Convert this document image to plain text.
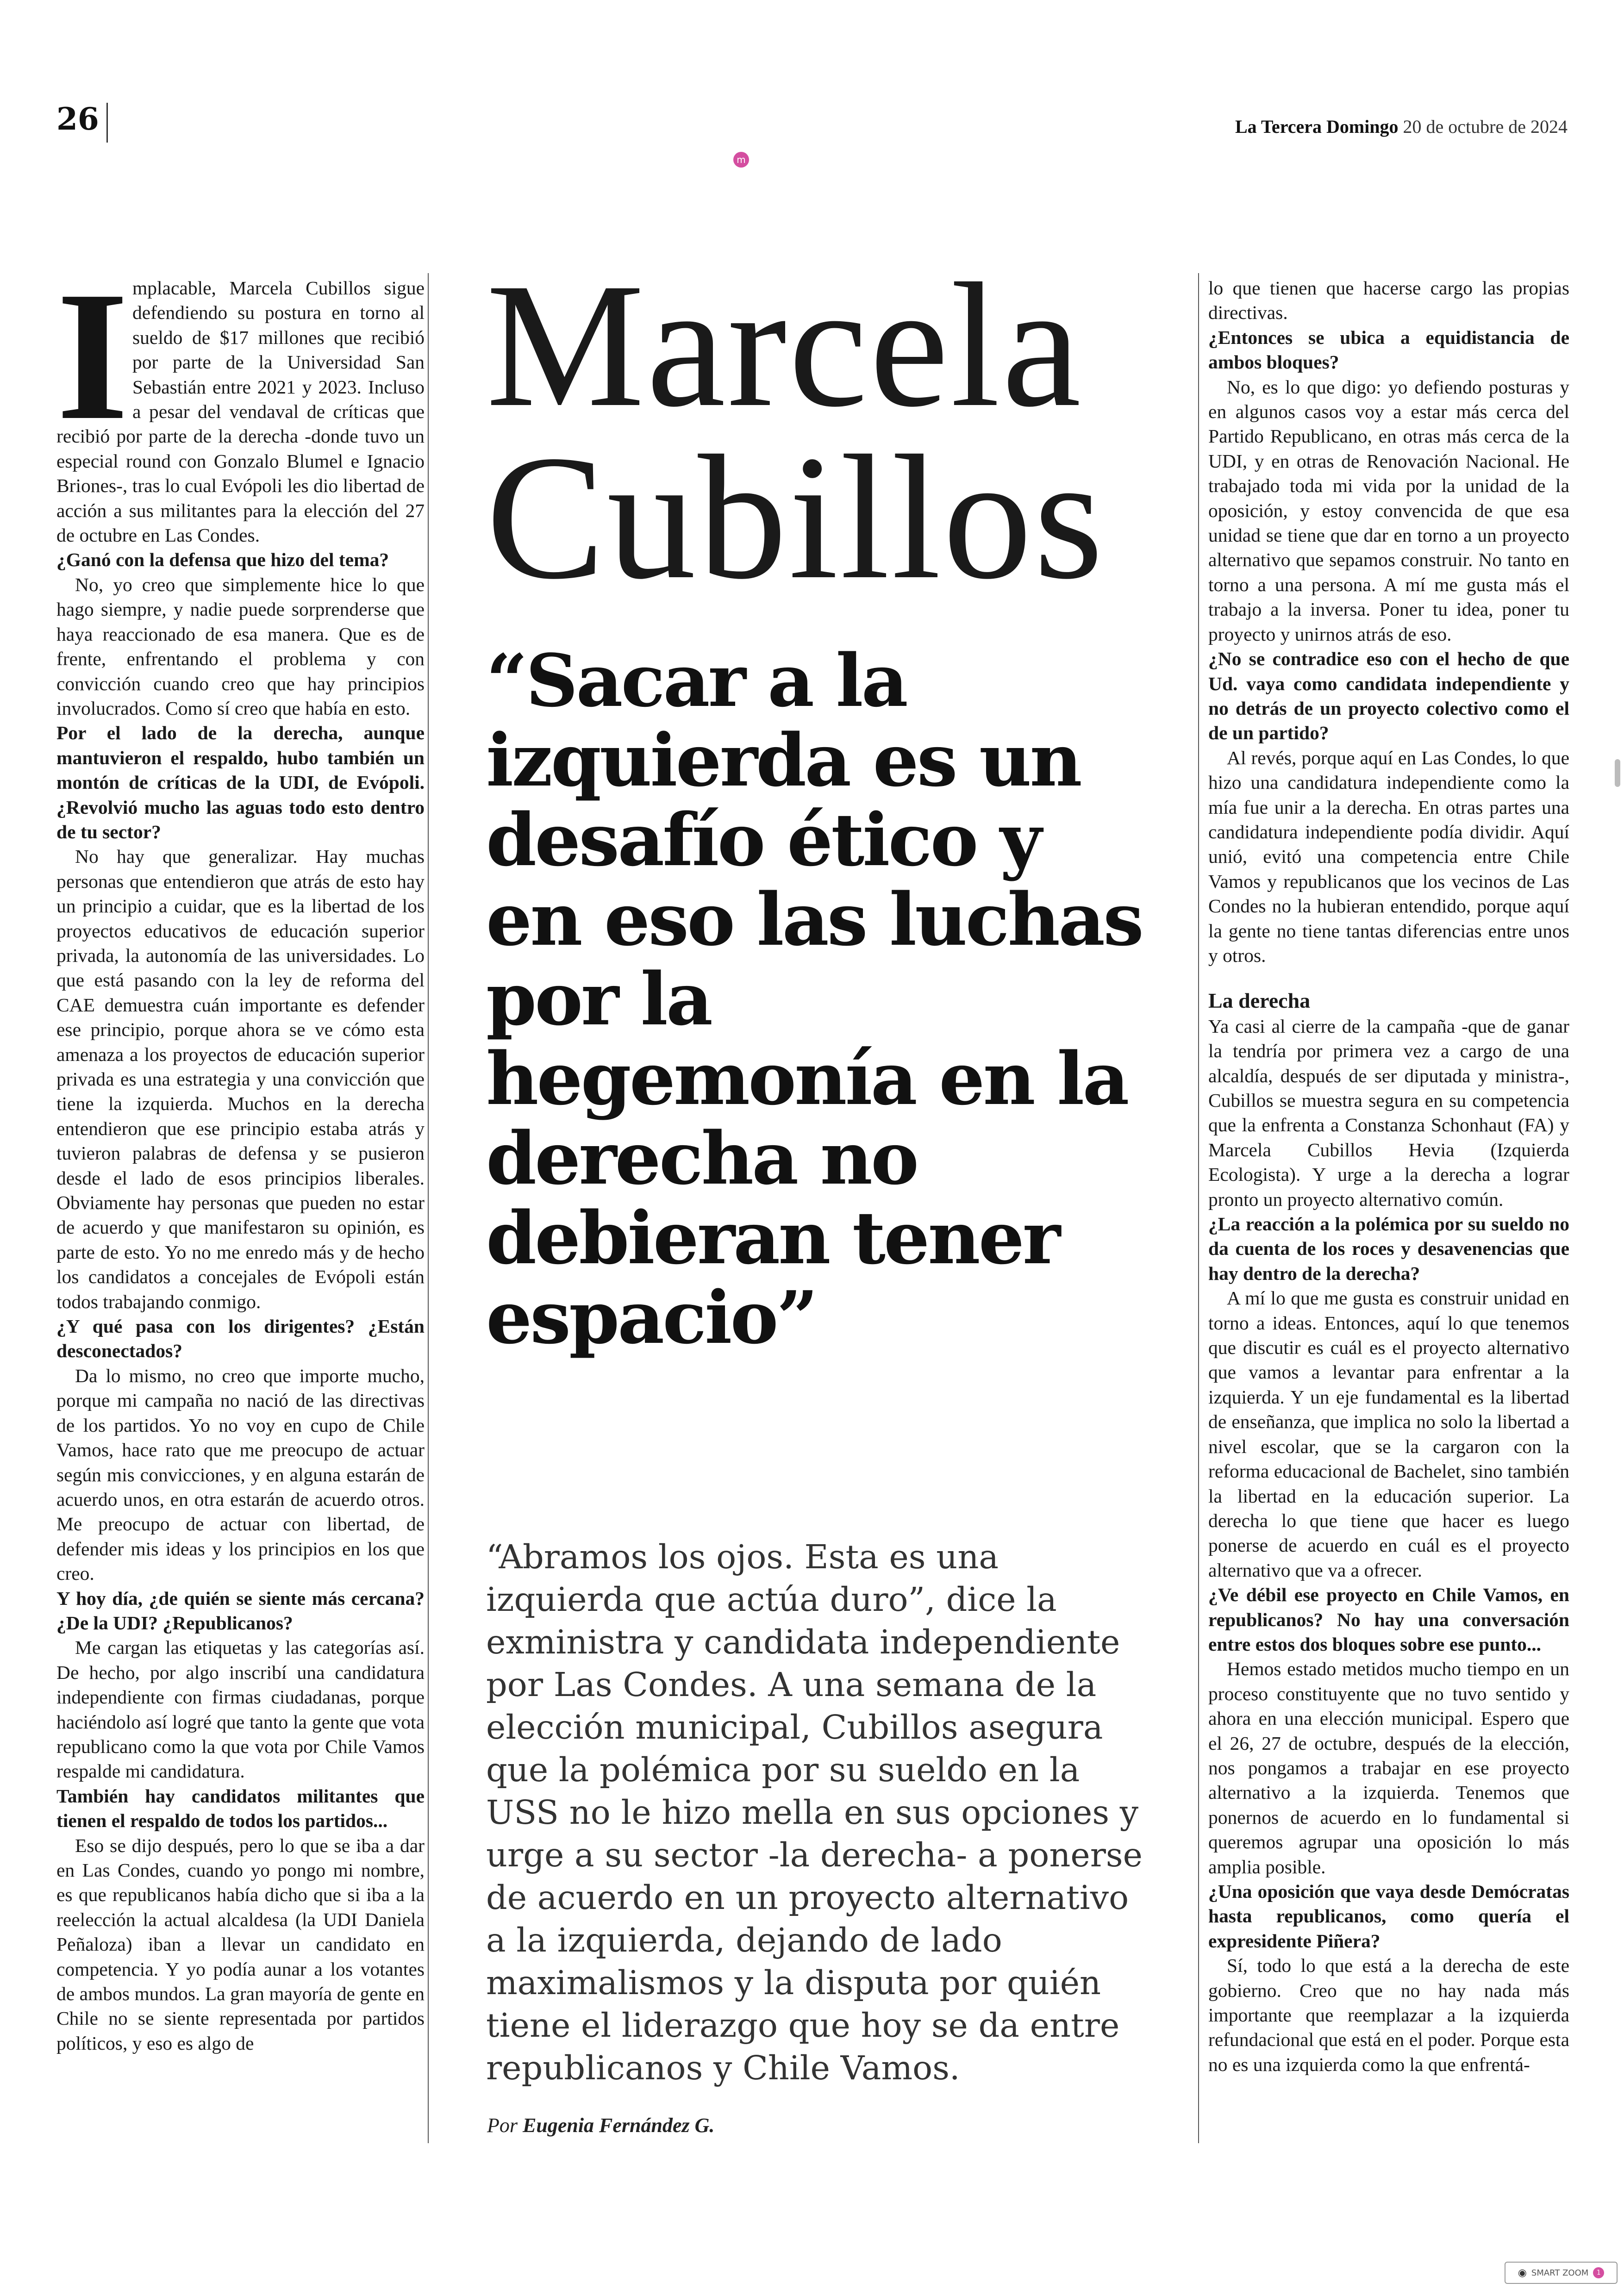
26	La Tercera Domingo 20 de octubre de 2024
m

Implacable, Marcela Cubillos sigue defendiendo su postura en torno al sueldo de $17 millones que recibió por parte de la Universidad San Sebastián entre 2021 y 2023. Incluso a pesar del vendaval de críticas que recibió por parte de la derecha -donde tuvo un especial round con Gonzalo Blumel e Ignacio Briones-, tras lo cual Evópoli les dio libertad de acción a sus militantes para la elección del 27 de octubre en Las Condes.

¿Ganó con la defensa que hizo del tema?

No, yo creo que simplemente hice lo que hago siempre, y nadie puede sorprenderse que haya reaccionado de esa manera. Que es de frente, enfrentando el problema y con convicción cuando creo que hay principios involucrados. Como sí creo que había en esto.

Por el lado de la derecha, aunque mantuvieron el respaldo, hubo también un montón de críticas de la UDI, de Evópoli. ¿Revolvió mucho las aguas todo esto dentro de tu sector?

No hay que generalizar. Hay muchas personas que entendieron que atrás de esto hay un principio a cuidar, que es la libertad de los proyectos educativos de educación superior privada, la autonomía de las universidades. Lo que está pasando con la ley de reforma del CAE demuestra cuán importante es defender ese principio, porque ahora se ve cómo esta amenaza a los proyectos de educación superior privada es una estrategia y una convicción que tiene la izquierda. Muchos en la derecha entendieron que ese principio estaba atrás y tuvieron palabras de defensa y se pusieron desde el lado de esos principios liberales. Obviamente hay personas que pueden no estar de acuerdo y que manifestaron su opinión, es parte de esto. Yo no me enredo más y de hecho los candidatos a concejales de Evópoli están todos trabajando conmigo.

¿Y qué pasa con los dirigentes? ¿Están desconectados?

Da lo mismo, no creo que importe mucho, porque mi campaña no nació de las directivas de los partidos. Yo no voy en cupo de Chile Vamos, hace rato que me preocupo de actuar según mis convicciones, y en alguna estarán de acuerdo unos, en otra estarán de acuerdo otros. Me preocupo de actuar con libertad, de defender mis ideas y los principios en los que creo.

Y hoy día, ¿de quién se siente más cercana? ¿De la UDI? ¿Republicanos?

Me cargan las etiquetas y las categorías así. De hecho, por algo inscribí una candidatura independiente con firmas ciudadanas, porque haciéndolo así logré que tanto la gente que vota republicano como la que vota por Chile Vamos respalde mi candidatura.

También hay candidatos militantes que tienen el respaldo de todos los partidos...

Eso se dijo después, pero lo que se iba a dar en Las Condes, cuando yo pongo mi nombre, es que republicanos había dicho que si iba a la reelección la actual alcaldesa (la UDI Daniela Peñaloza) iban a llevar un candidato en competencia. Y yo podía aunar a los votantes de ambos mundos. La gran mayoría de gente en Chile no se siente representada por partidos políticos, y eso es algo de

Marcela
Cubillos
“Sacar a la izquierda es un desafío ético y en eso las luchas por la hegemonía en la derecha no debieran tener espacio”
“Abramos los ojos. Esta es una izquierda que actúa duro”, dice la exministra y candidata independiente por Las Condes. A una semana de la elección municipal, Cubillos asegura que la polémica por su sueldo en la USS no le hizo mella en sus opciones y urge a su sector -la derecha- a ponerse de acuerdo en un proyecto alternativo a la izquierda, dejando de lado maximalismos y la disputa por quién tiene el liderazgo que hoy se da entre republicanos y Chile Vamos.
Por Eugenia Fernández G.

lo que tienen que hacerse cargo las propias directivas.

¿Entonces se ubica a equidistancia de ambos bloques?

No, es lo que digo: yo defiendo posturas y en algunos casos voy a estar más cerca del Partido Republicano, en otras más cerca de la UDI, y en otras de Renovación Nacional. He trabajado toda mi vida por la unidad de la oposición, y estoy convencida de que esa unidad se tiene que dar en torno a un proyecto alternativo que sepamos construir. No tanto en torno a una persona. A mí me gusta más el trabajo a la inversa. Poner tu idea, poner tu proyecto y unirnos atrás de eso.

¿No se contradice eso con el hecho de que Ud. vaya como candidata independiente y no detrás de un proyecto colectivo como el de un partido?

Al revés, porque aquí en Las Condes, lo que hizo una candidatura independiente como la mía fue unir a la derecha. En otras partes una candidatura independiente podía dividir. Aquí unió, evitó una competencia entre Chile Vamos y republicanos que los vecinos de Las Condes no la hubieran entendido, porque aquí la gente no tiene tantas diferencias entre unos y otros.

La derecha

Ya casi al cierre de la campaña -que de ganar la tendría por primera vez a cargo de una alcaldía, después de ser diputada y ministra-, Cubillos se muestra segura en su competencia que la enfrenta a Constanza Schonhaut (FA) y Marcela Cubillos Hevia (Izquierda Ecologista). Y urge a la derecha a lograr pronto un proyecto alternativo común.

¿La reacción a la polémica por su sueldo no da cuenta de los roces y desavenencias que hay dentro de la derecha?

A mí lo que me gusta es construir unidad en torno a ideas. Entonces, aquí lo que tenemos que discutir es cuál es el proyecto alternativo que vamos a levantar para enfrentar a la izquierda. Y un eje fundamental es la libertad de enseñanza, que implica no solo la libertad a nivel escolar, que se la cargaron con la reforma educacional de Bachelet, sino también la libertad en la educación superior. La derecha lo que tiene que hacer es luego ponerse de acuerdo en cuál es el proyecto alternativo que va a ofrecer.

¿Ve débil ese proyecto en Chile Vamos, en republicanos? No hay una conversación entre estos dos bloques sobre ese punto...

Hemos estado metidos mucho tiempo en un proceso constituyente que no tuvo sentido y ahora en una elección municipal. Espero que el 26, 27 de octubre, después de la elección, nos pongamos a trabajar en ese proyecto alternativo a la izquierda. Tenemos que ponernos de acuerdo en lo fundamental si queremos agrupar una oposición lo más amplia posible.

¿Una oposición que vaya desde Demócratas hasta republicanos, como quería el expresidente Piñera?

Sí, todo lo que está a la derecha de este gobierno. Creo que no hay nada más importante que reemplazar a la izquierda refundacional que está en el poder. Porque esta no es una izquierda como la que enfrentá-

◉ SMART ZOOM	1
